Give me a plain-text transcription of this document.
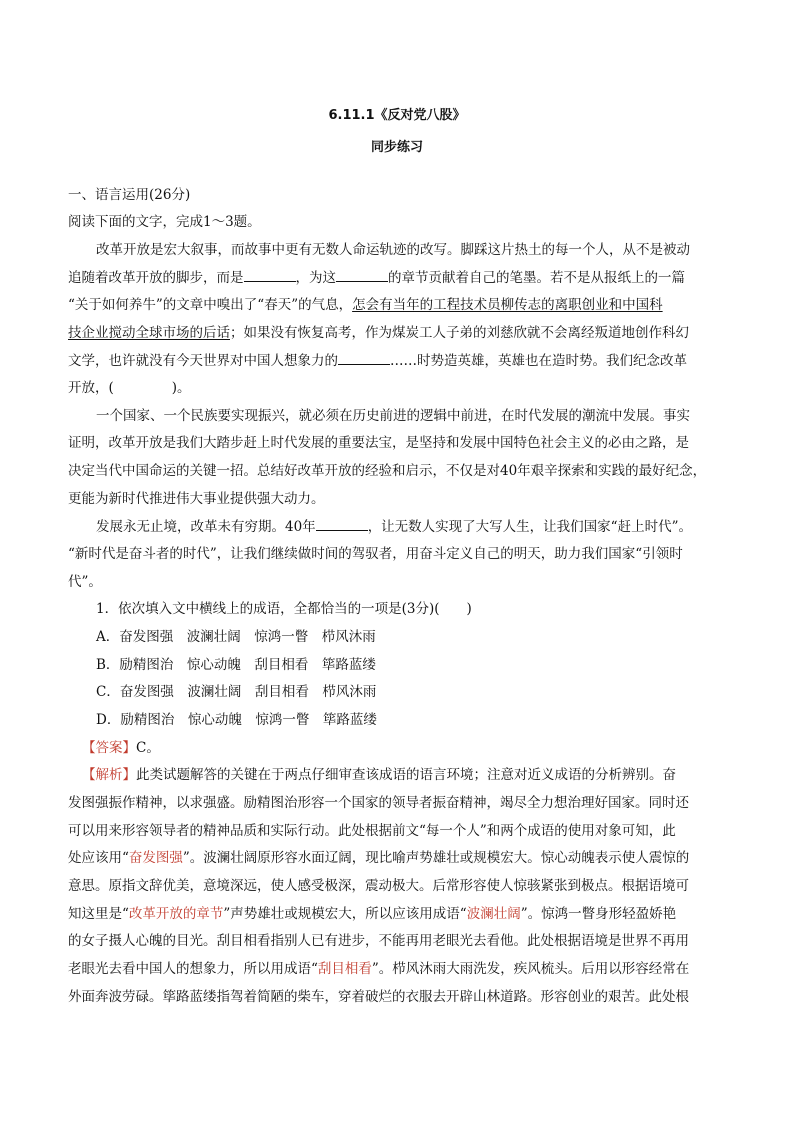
6.11.1《反对党八股》
同步练习
一、语言运用(26分)
阅读下面的文字，完成1～3题。
改革开放是宏大叙事，而故事中更有无数人命运轨迹的改写。脚踩这片热土的每一个人，从不是被动
追随着改革开放的脚步，而是	，为这	的章节贡献着自己的笔墨。若不是从报纸上的一篇
“关于如何养牛”的文章中嗅出了“春天”的气息，怎会有当年的工程技术员柳传志的离职创业和中国科
技企业搅动全球市场的后话；如果没有恢复高考，作为煤炭工人子弟的刘慈欣就不会离经叛道地创作科幻
文学，也许就没有今天世界对中国人想象力的	……时势造英雄，英雄也在造时势。我们纪念改革
开放，(	)。
一个国家、一个民族要实现振兴，就必须在历史前进的逻辑中前进，在时代发展的潮流中发展。事实
证明，改革开放是我们大踏步赶上时代发展的重要法宝，是坚持和发展中国特色社会主义的必由之路，是
决定当代中国命运的关键一招。总结好改革开放的经验和启示，不仅是对40年艰辛探索和实践的最好纪念，
更能为新时代推进伟大事业提供强大动力。
发展永无止境，改革未有穷期。40年	，让无数人实现了大写人生，让我们国家“赶上时代”。
“新时代是奋斗者的时代”，让我们继续做时间的驾驭者，用奋斗定义自己的明天，助力我们国家“引领时
代”。
1．依次填入文中横线上的成语，全都恰当的一项是(3分)(　　)
A．奋发图强　波澜壮阔　惊鸿一瞥　栉风沐雨
B．励精图治　惊心动魄　刮目相看　筚路蓝缕
C．奋发图强　波澜壮阔　刮目相看　栉风沐雨
D．励精图治　惊心动魄　惊鸿一瞥　筚路蓝缕
【答案】C。
【解析】此类试题解答的关键在于两点仔细审查该成语的语言环境；注意对近义成语的分析辨别。奋
发图强振作精神，以求强盛。励精图治形容一个国家的领导者振奋精神，竭尽全力想治理好国家。同时还
可以用来形容领导者的精神品质和实际行动。此处根据前文“每一个人”和两个成语的使用对象可知，此
处应该用“奋发图强”。波澜壮阔原形容水面辽阔，现比喻声势雄壮或规模宏大。惊心动魄表示使人震惊的
意思。原指文辞优美，意境深远，使人感受极深，震动极大。后常形容使人惊骇紧张到极点。根据语境可
知这里是“改革开放的章节”声势雄壮或规模宏大，所以应该用成语“波澜壮阔”。惊鸿一瞥身形轻盈娇艳
的女子摄人心魄的目光。刮目相看指别人已有进步，不能再用老眼光去看他。此处根据语境是世界不再用
老眼光去看中国人的想象力，所以用成语“刮目相看”。栉风沐雨大雨洗发，疾风梳头。后用以形容经常在
外面奔波劳碌。筚路蓝缕指驾着简陋的柴车，穿着破烂的衣服去开辟山林道路。形容创业的艰苦。此处根
